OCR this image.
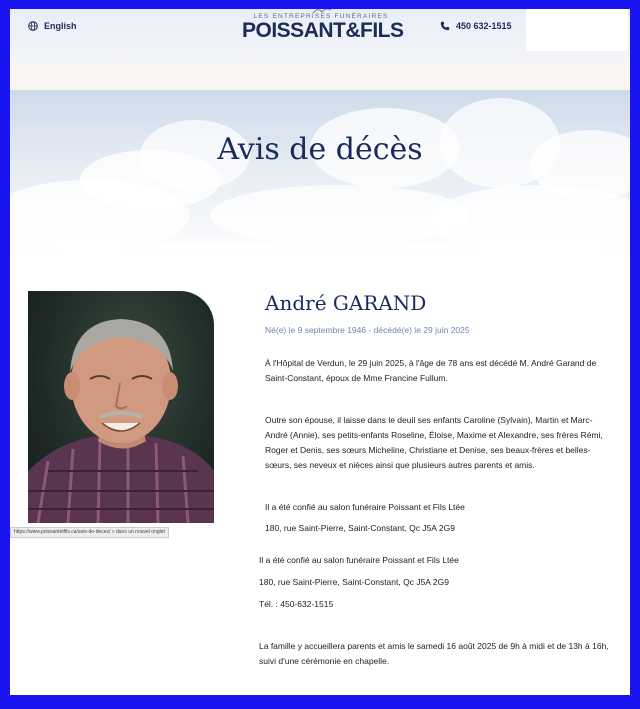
English
LES ENTREPRISES FUNÉRAIRES
POISSANT&FILS	450 632-1515
Avis de décès
https://www.poissantetfils.ca/avis-de-deces/ » dans un nouvel onglet
André GARAND
Né(e) le 9 septembre 1946 - décédé(e) le 29 juin 2025
À l'Hôpital de Verdun, le 29 juin 2025, à l'âge de 78 ans est décédé M. André Garand de Saint-Constant, époux de Mme Francine Fullum.
Outre son épouse, il laisse dans le deuil ses enfants Caroline (Sylvain), Martin et Marc-André (Annie), ses petits-enfants Roseline, Éloise, Maxime et Alexandre, ses frères Rémi, Roger et Denis, ses sœurs Micheline, Christiane et Denise, ses beaux-frères et belles-sœurs, ses neveux et nièces ainsi que plusieurs autres parents et amis.
Il a été confié au salon funéraire Poissant et Fils Ltée
180, rue Saint-Pierre, Saint-Constant, Qc J5A 2G9
Il a été confié au salon funéraire Poissant et Fils Ltée
180, rue Saint-Pierre, Saint-Constant, Qc J5A 2G9
Tél. : 450-632-1515
La famille y accueillera parents et amis le samedi 16 août 2025 de 9h à midi et de 13h à 16h, suivi d'une cérémonie en chapelle.
